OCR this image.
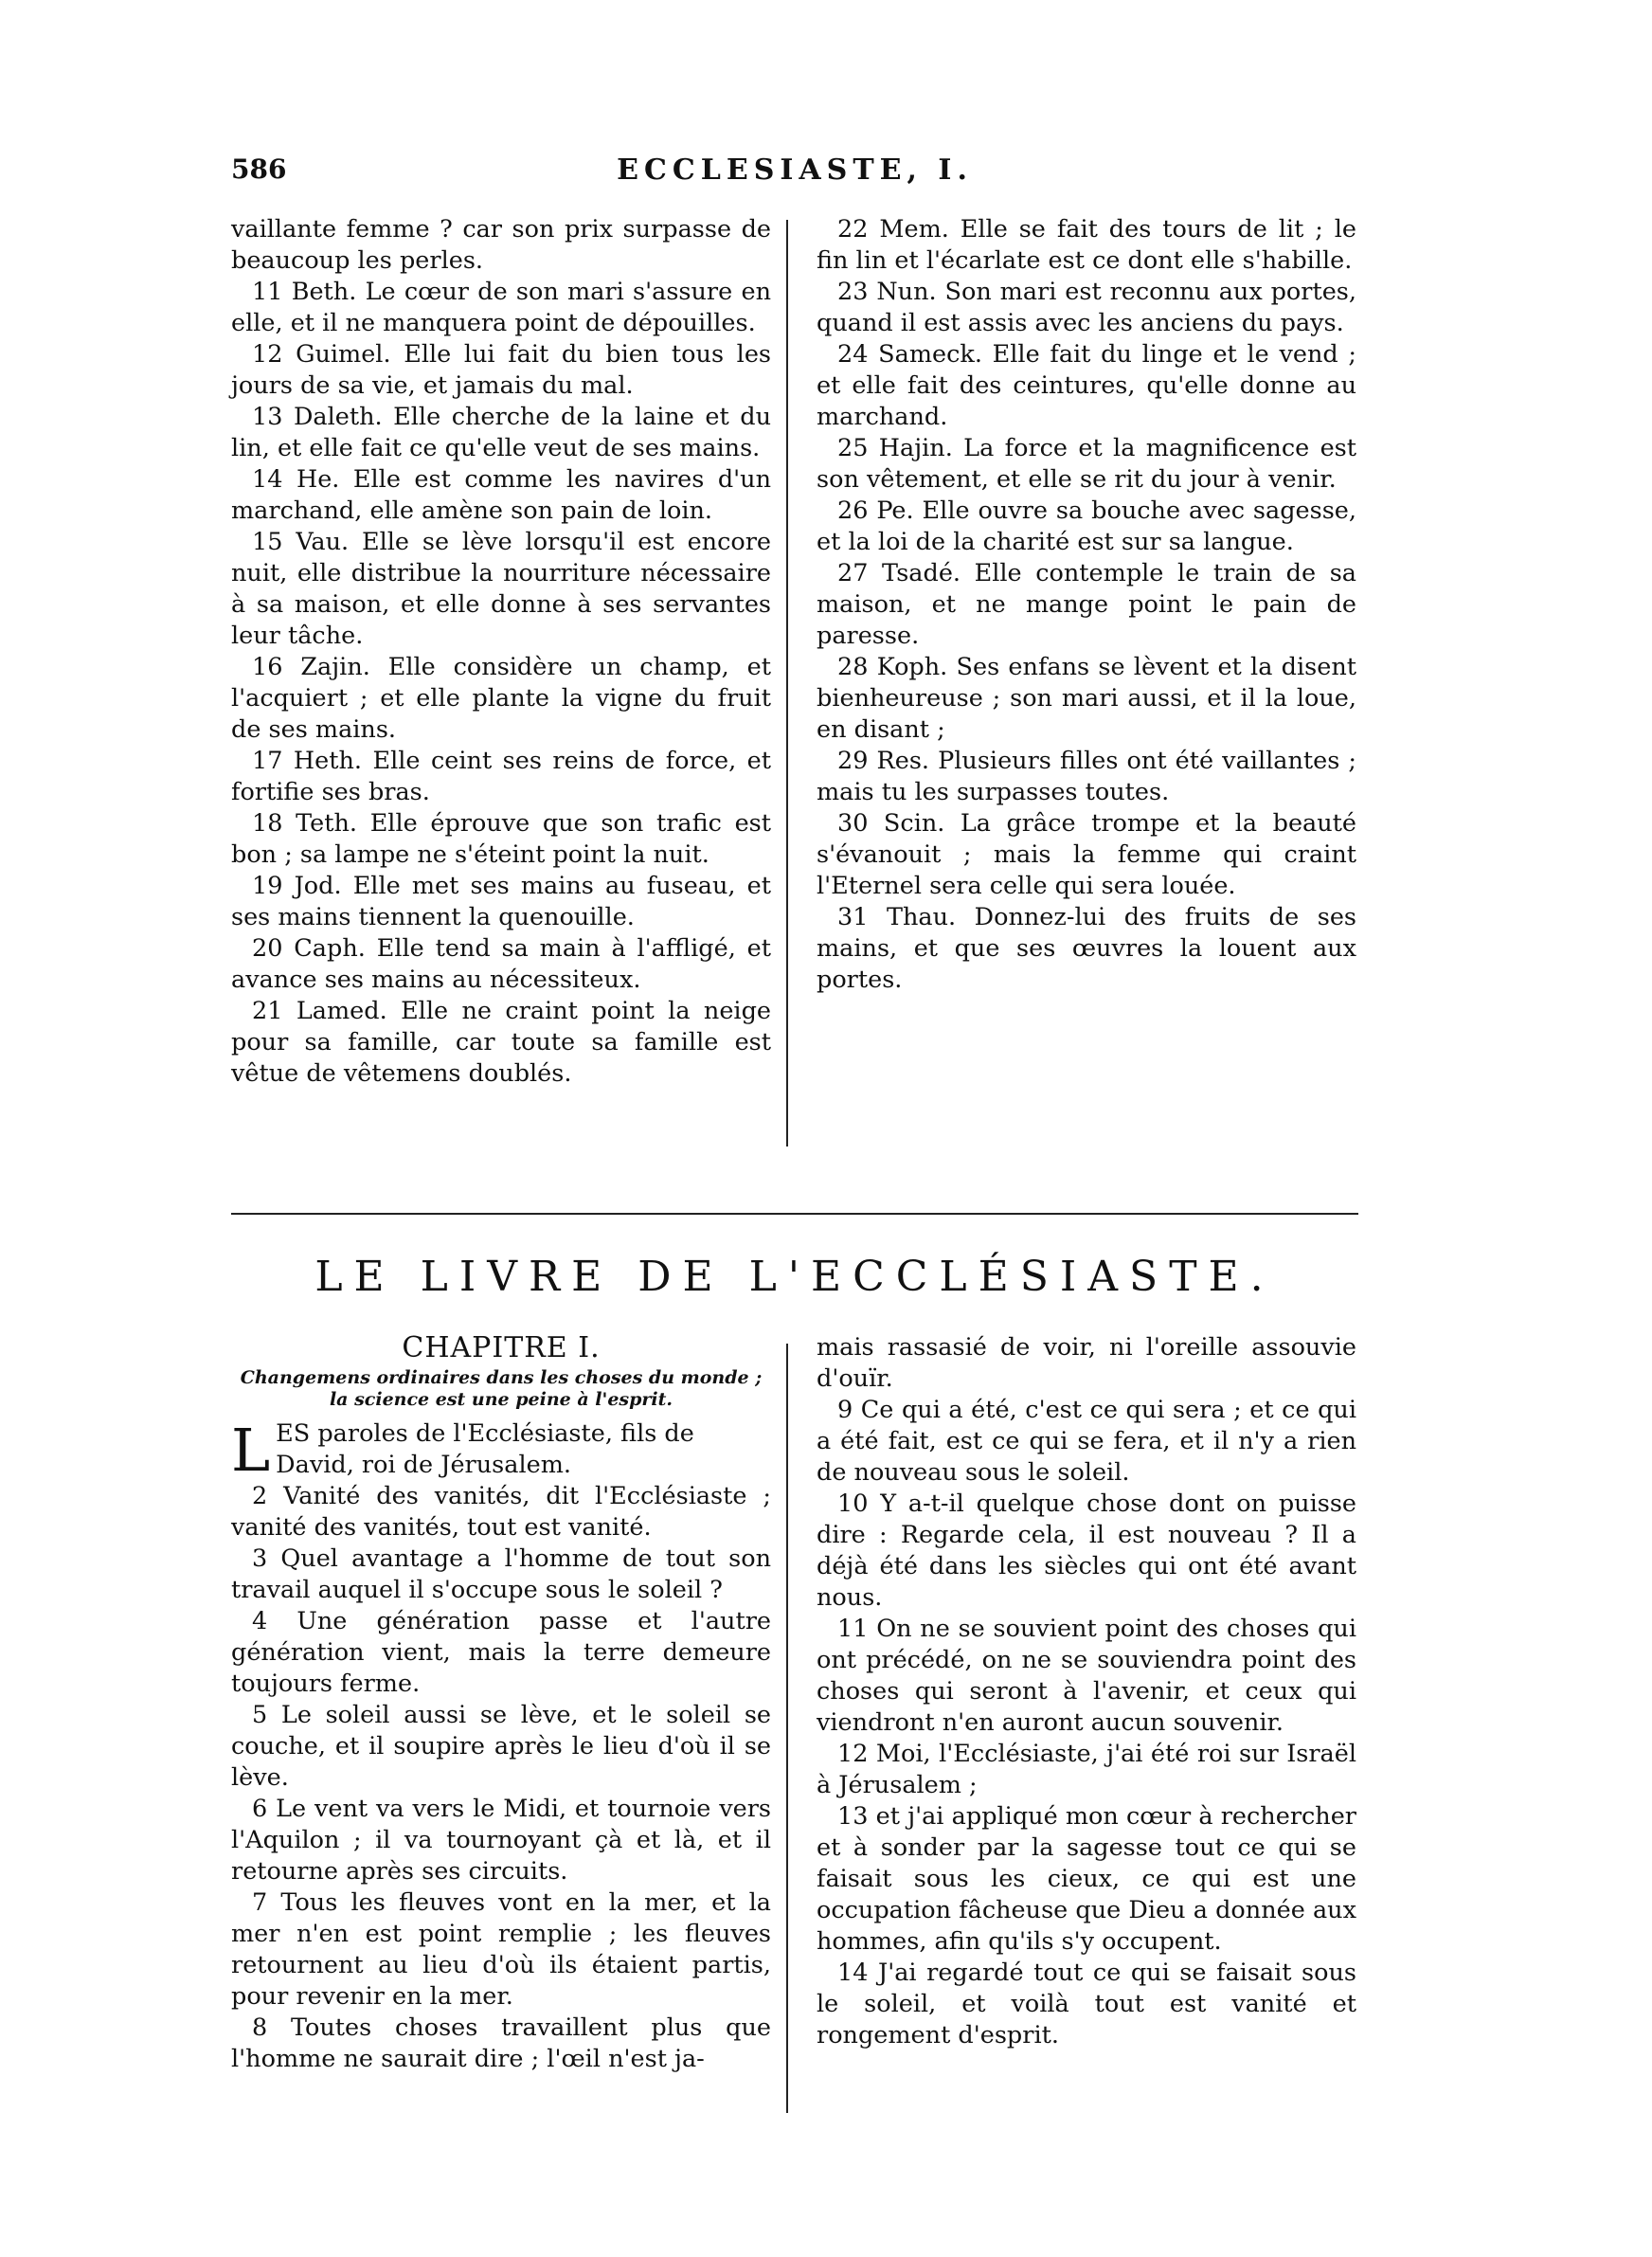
586	ECCLESIASTE, I.

vaillante femme ? car son prix surpasse de beaucoup les perles.

11 Beth. Le cœur de son mari s'assure en elle, et il ne manquera point de dépouilles.

12 Guimel. Elle lui fait du bien tous les jours de sa vie, et jamais du mal.

13 Daleth. Elle cherche de la laine et du lin, et elle fait ce qu'elle veut de ses mains.

14 He. Elle est comme les navires d'un marchand, elle amène son pain de loin.

15 Vau. Elle se lève lorsqu'il est encore nuit, elle distribue la nourriture nécessaire à sa maison, et elle donne à ses servantes leur tâche.

16 Zajin. Elle considère un champ, et l'acquiert ; et elle plante la vigne du fruit de ses mains.

17 Heth. Elle ceint ses reins de force, et fortifie ses bras.

18 Teth. Elle éprouve que son trafic est bon ; sa lampe ne s'éteint point la nuit.

19 Jod. Elle met ses mains au fuseau, et ses mains tiennent la quenouille.

20 Caph. Elle tend sa main à l'affligé, et avance ses mains au nécessiteux.

21 Lamed. Elle ne craint point la neige pour sa famille, car toute sa famille est vêtue de vêtemens doublés.

22 Mem. Elle se fait des tours de lit ; le fin lin et l'écarlate est ce dont elle s'habille.

23 Nun. Son mari est reconnu aux portes, quand il est assis avec les anciens du pays.

24 Sameck. Elle fait du linge et le vend ; et elle fait des ceintures, qu'elle donne au marchand.

25 Hajin. La force et la magnificence est son vêtement, et elle se rit du jour à venir.

26 Pe. Elle ouvre sa bouche avec sagesse, et la loi de la charité est sur sa langue.

27 Tsadé. Elle contemple le train de sa maison, et ne mange point le pain de paresse.

28 Koph. Ses enfans se lèvent et la disent bienheureuse ; son mari aussi, et il la loue, en disant ;

29 Res. Plusieurs filles ont été vaillantes ; mais tu les surpasses toutes.

30 Scin. La grâce trompe et la beauté s'évanouit ; mais la femme qui craint l'Eternel sera celle qui sera louée.

31 Thau. Donnez-lui des fruits de ses mains, et que ses œuvres la louent aux portes.

LE LIVRE DE L'ECCLÉSIASTE.
CHAPITRE I.
Changemens ordinaires dans les choses du monde ;
la science est une peine à l'esprit.

LES paroles de l'Ecclésiaste, fils de
David, roi de Jérusalem.

2 Vanité des vanités, dit l'Ecclésiaste ; vanité des vanités, tout est vanité.

3 Quel avantage a l'homme de tout son travail auquel il s'occupe sous le soleil ?

4 Une génération passe et l'autre génération vient, mais la terre demeure toujours ferme.

5 Le soleil aussi se lève, et le soleil se couche, et il soupire après le lieu d'où il se lève.

6 Le vent va vers le Midi, et tournoie vers l'Aquilon ; il va tournoyant çà et là, et il retourne après ses circuits.

7 Tous les fleuves vont en la mer, et la mer n'en est point remplie ; les fleuves retournent au lieu d'où ils étaient partis, pour revenir en la mer.

8 Toutes choses travaillent plus que l'homme ne saurait dire ; l'œil n'est ja-

mais rassasié de voir, ni l'oreille assouvie d'ouïr.

9 Ce qui a été, c'est ce qui sera ; et ce qui a été fait, est ce qui se fera, et il n'y a rien de nouveau sous le soleil.

10 Y a-t-il quelque chose dont on puisse dire : Regarde cela, il est nouveau ? Il a déjà été dans les siècles qui ont été avant nous.

11 On ne se souvient point des choses qui ont précédé, on ne se souviendra point des choses qui seront à l'avenir, et ceux qui viendront n'en auront aucun souvenir.

12 Moi, l'Ecclésiaste, j'ai été roi sur Israël à Jérusalem ;

13 et j'ai appliqué mon cœur à rechercher et à sonder par la sagesse tout ce qui se faisait sous les cieux, ce qui est une occupation fâcheuse que Dieu a donnée aux hommes, afin qu'ils s'y occupent.

14 J'ai regardé tout ce qui se faisait sous le soleil, et voilà tout est vanité et rongement d'esprit.
